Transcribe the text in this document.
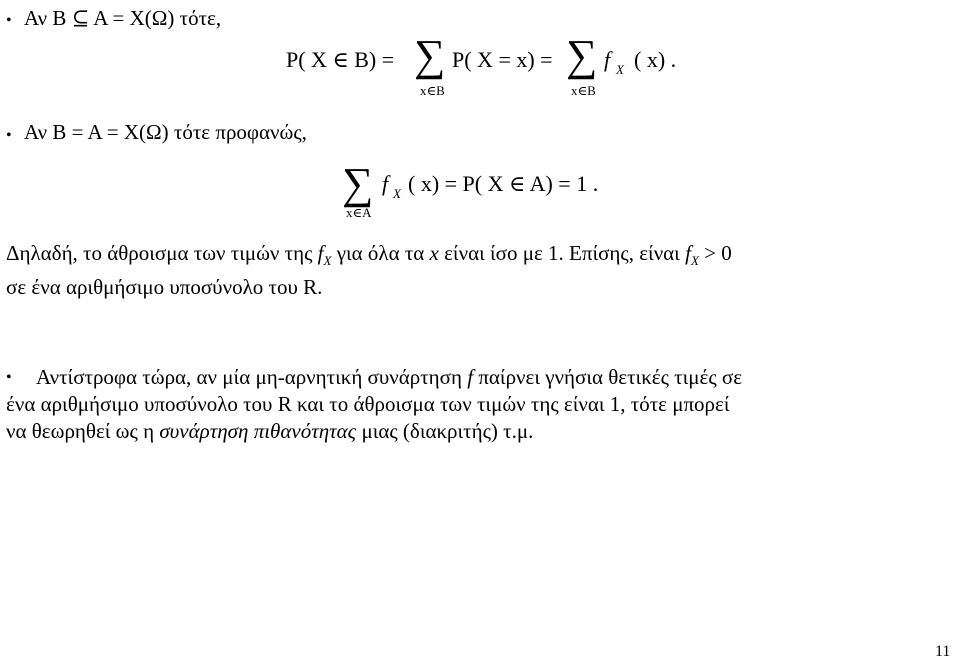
• Αν B ⊆ A = X(Ω) τότε,
P( X ∈ B) = ∑
x∈B
P( X = x) = ∑
x∈B
f X ( x) .
• Αν B = A = X(Ω) τότε προφανώς,
∑
x∈A
f X ( x) = P( X ∈ A) = 1 .
Δηλαδή, το άθροισμα των τιμών της $f_X$ για όλα τα x είναι ίσο με 1. Επίσης, είναι $f_X > 0$
σε ένα αριθμήσιμο υποσύνολο του R.
•	Αντίστροφα τώρα, αν μία μη-αρνητική συνάρτηση f παίρνει γνήσια θετικές τιμές σε
ένα αριθμήσιμο υποσύνολο του R και το άθροισμα των τιμών της είναι 1, τότε μπορεί
να θεωρηθεί ως η συνάρτηση πιθανότητας μιας (διακριτής) τ.μ.
11
